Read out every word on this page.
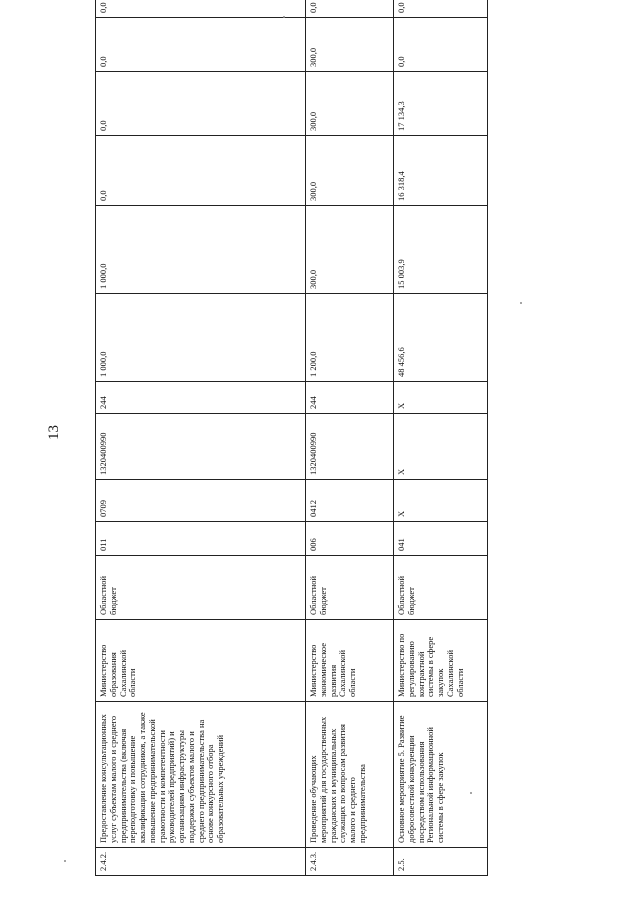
13
2.4.2.	Предоставление консультационных услуг субъектам малого и среднего предпринимательства (включая переподготовку и повышение квалификации сотрудников, а также повышение предпринимательской грамотности и компетентности руководителей предприятий) и организациям инфраструктуры поддержки субъектов малого и среднего предпринимательства на основе конкурсного отбора образовательных учреждений	Министерство образования Сахалинской области	Областной бюджет	011	0709	1320400990	244	1 000,0	1 000,0	0,0	0,0	0,0	0,0	
2.4.3.	Проведение обучающих мероприятий для государственных гражданских и муниципальных служащих по вопросам развития малого и среднего предпринимательства	Министерство экономическое развития Сахалинской области	Областной бюджет	006	0412	1320400990	244	1 200,0	300,0	300,0	300,0	300,0	0,0	
2.5.	Основное мероприятие 5. Развитие добросовестной конкуренции посредством использования Региональной информационной системы в сфере закупок	Министерство по регулированию контрактной системы в сфере закупок Сахалинской области	Областной бюджет	041	Х	Х	Х	48 456,6	15 003,9	16 318,4	17 134,3	0,0	0,0	
